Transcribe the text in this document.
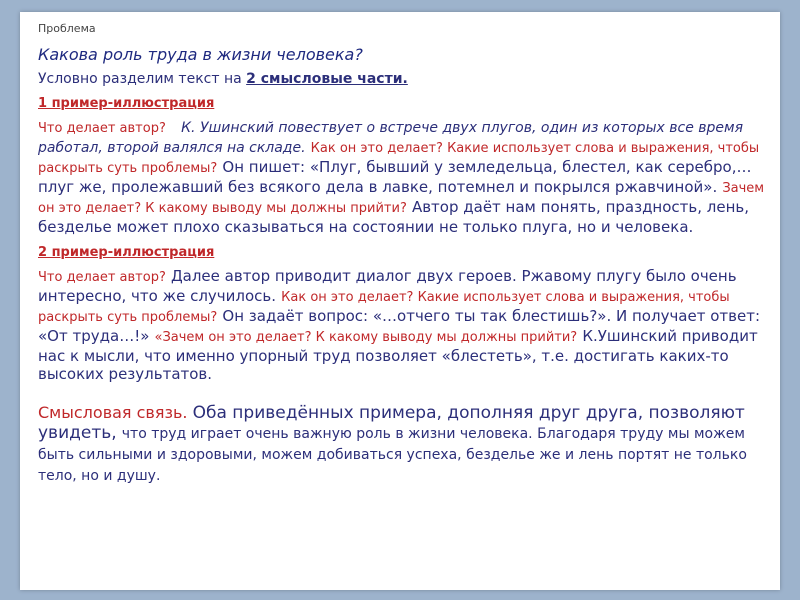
Проблема
Какова роль труда в жизни человека?
Условно разделим текст на 2 смысловые части.
1 пример-иллюстрация

Что делает автор? К. Ушинский повествует о встрече двух плугов, один из которых все время работал, второй валялся на складе. Как он это делает? Какие использует слова и выражения, чтобы раскрыть суть проблемы? Он пишет: «Плуг, бывший у земледельца, блестел, как серебро,… плуг же, пролежавший без всякого дела в лавке, потемнел и покрылся ржавчиной». Зачем он это делает? К какому выводу мы должны прийти? Автор даёт нам понять, праздность, лень, безделье может плохо сказываться на состоянии не только плуга, но и человека.

2 пример-иллюстрация

Что делает автор? Далее автор приводит диалог двух героев. Ржавому плугу было очень интересно, что же случилось. Как он это делает? Какие использует слова и выражения, чтобы раскрыть суть проблемы? Он задаёт вопрос: «…отчего ты так блестишь?». И получает ответ: «От труда…!» «Зачем он это делает? К какому выводу мы должны прийти? К.Ушинский приводит нас к мысли, что именно упорный труд позволяет «блестеть», т.е. достигать каких-то высоких результатов.

Смысловая связь. Оба приведённых примера, дополняя друг друга, позволяют увидеть, что труд играет очень важную роль в жизни человека. Благодаря труду мы можем быть сильными и здоровыми, можем добиваться успеха, безделье же и лень портят не только тело, но и душу.
